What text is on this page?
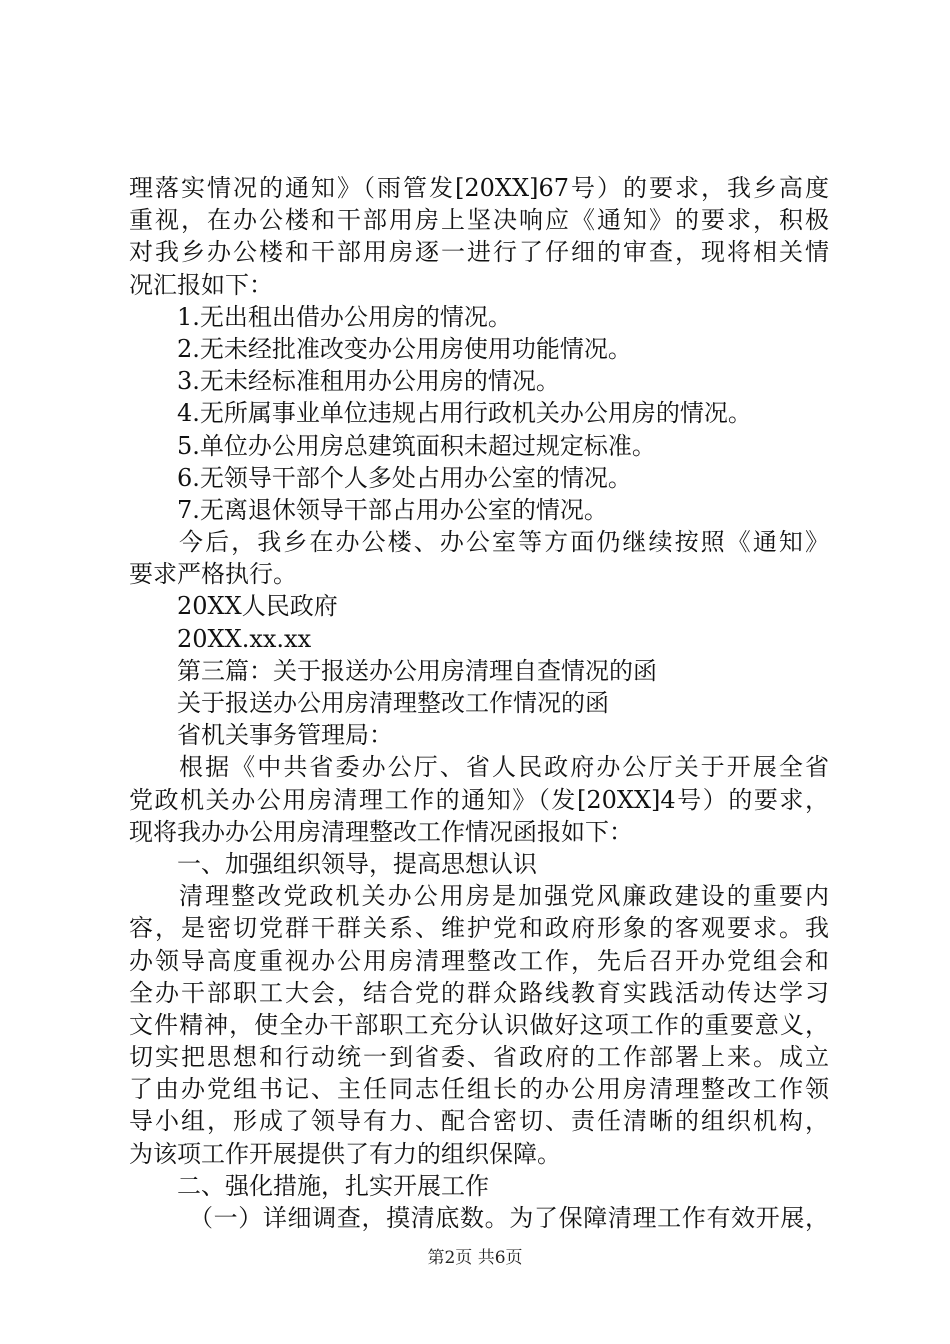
理落实情况的通知》（雨管发[20XX]67号）的要求，我乡高度
重视，在办公楼和干部用房上坚决响应《通知》的要求，积极
对我乡办公楼和干部用房逐一进行了仔细的审查，现将相关情
况汇报如下：
1.无出租出借办公用房的情况。
2.无未经批准改变办公用房使用功能情况。
3.无未经标准租用办公用房的情况。
4.无所属事业单位违规占用行政机关办公用房的情况。
5.单位办公用房总建筑面积未超过规定标准。
6.无领导干部个人多处占用办公室的情况。
7.无离退休领导干部占用办公室的情况。
今后，我乡在办公楼、办公室等方面仍继续按照《通知》
要求严格执行。
20XX人民政府
20XX.xx.xx
第三篇：关于报送办公用房清理自查情况的函
关于报送办公用房清理整改工作情况的函
省机关事务管理局：
根据《中共省委办公厅、省人民政府办公厅关于开展全省
党政机关办公用房清理工作的通知》（发[20XX]4号）的要求，
现将我办办公用房清理整改工作情况函报如下：
一、加强组织领导，提高思想认识
清理整改党政机关办公用房是加强党风廉政建设的重要内
容，是密切党群干群关系、维护党和政府形象的客观要求。我
办领导高度重视办公用房清理整改工作，先后召开办党组会和
全办干部职工大会，结合党的群众路线教育实践活动传达学习
文件精神，使全办干部职工充分认识做好这项工作的重要意义，
切实把思想和行动统一到省委、省政府的工作部署上来。成立
了由办党组书记、主任同志任组长的办公用房清理整改工作领
导小组，形成了领导有力、配合密切、责任清晰的组织机构，
为该项工作开展提供了有力的组织保障。
二、强化措施，扎实开展工作
（一）详细调查，摸清底数。为了保障清理工作有效开展，
第2页 共6页
